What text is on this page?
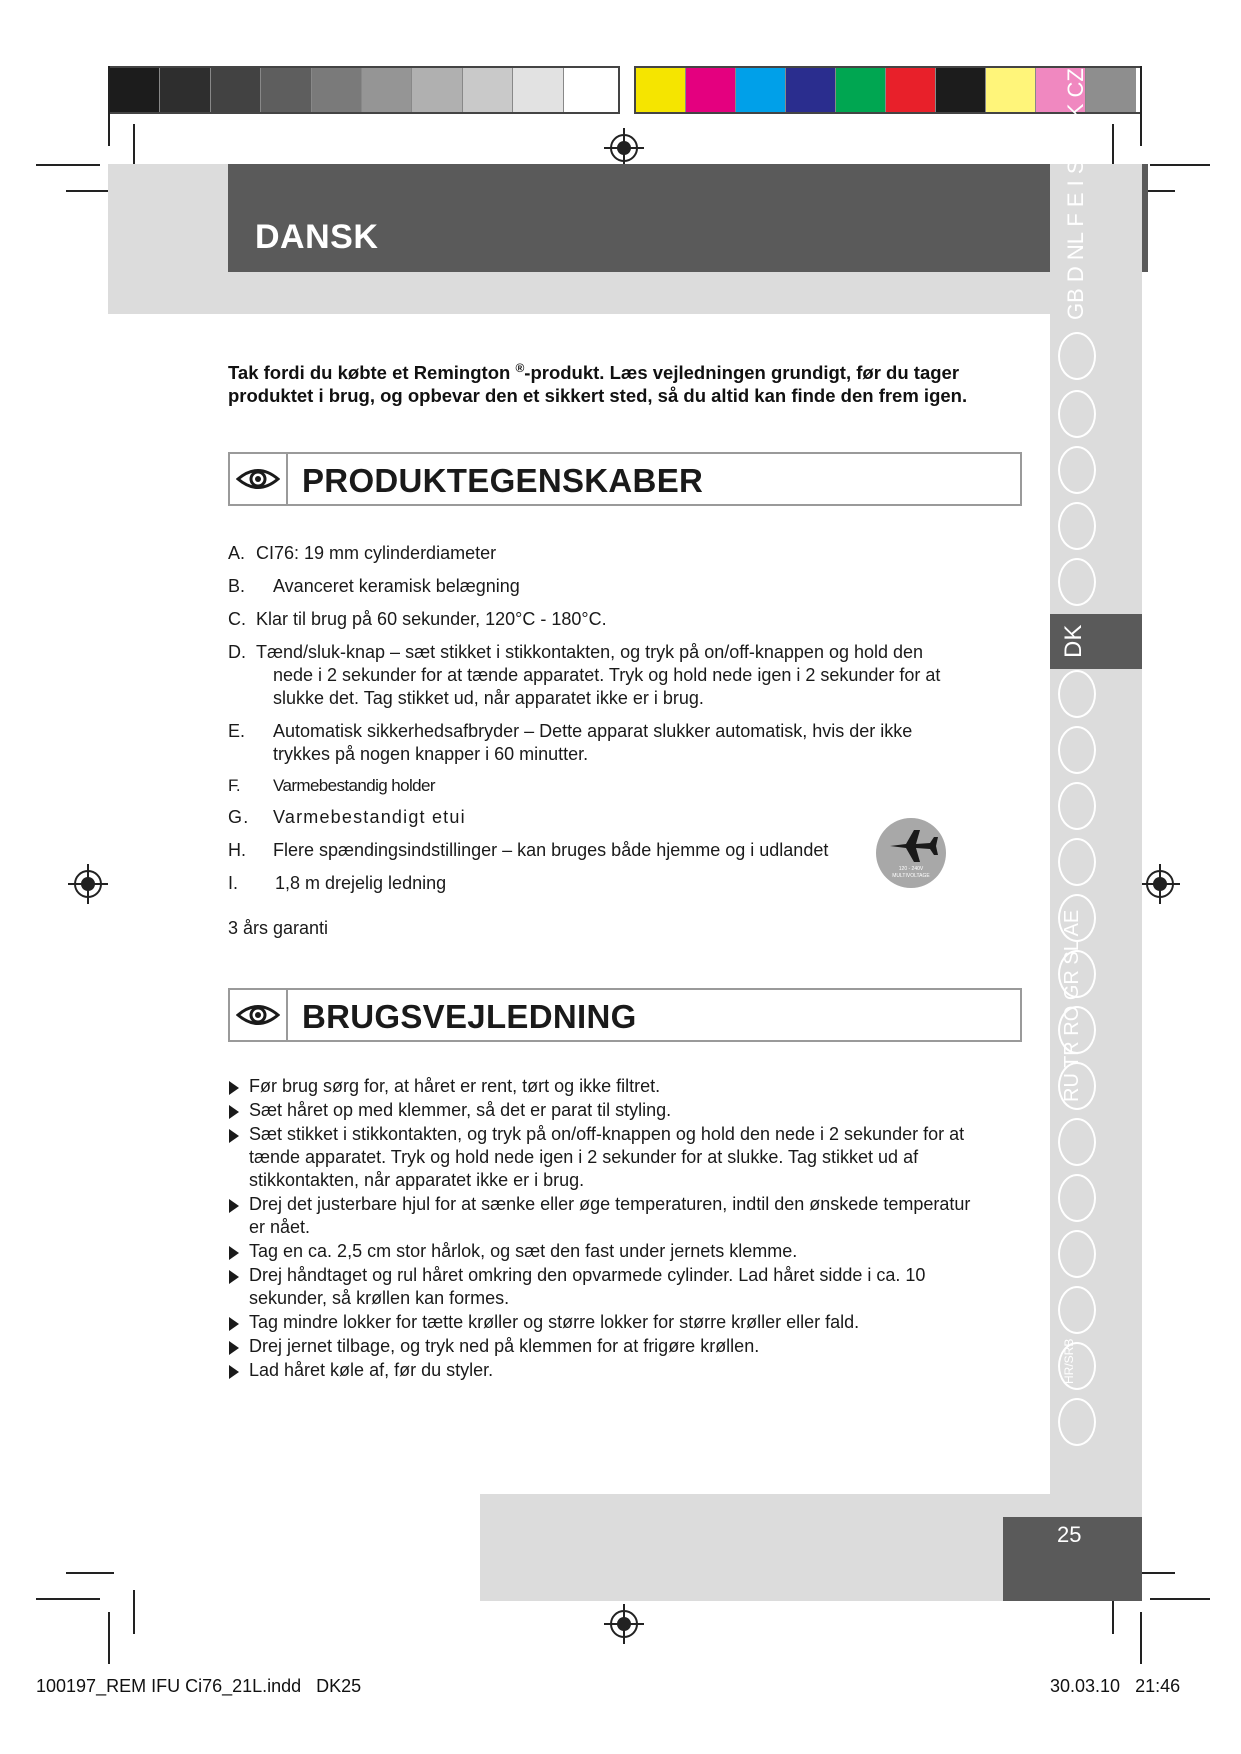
DANSK	GB D NL F E I S P SK CZ
DK
RU TR RO GR SL AE
HR/SRB
Tak fordi du købte et Remington ®-produkt. Læs vejledningen grundigt, før du tager produktet i brug, og opbevar den et sikkert sted, så du altid kan finde den frem igen.
PRODUKTEGENSKABER
A. CI76: 19 mm cylinderdiameter
B.	Avanceret keramisk belægning
C. Klar til brug på 60 sekunder, 120°C - 180°C.
D. Tænd/sluk-knap – sæt stikket i stikkontakten, og tryk på on/off-knappen og hold den nede i 2 sekunder for at tænde apparatet. Tryk og hold nede igen i 2 sekunder for at slukke det. Tag stikket ud, når apparatet ikke er i brug.
E.	Automatisk sikkerhedsafbryder – Dette apparat slukker automatisk, hvis der ikke trykkes på nogen knapper i 60 minutter.
F.	Varmebestandig holder
G.	Varmebestandigt etui
H.	Flere spændingsindstillinger – kan bruges både hjemme og i udlandet
I.	1,8 m drejelig ledning
120 - 240V
MULTIVOLTAGE
3 års garanti
BRUGSVEJLEDNING
Før brug sørg for, at håret er rent, tørt og ikke filtret.
Sæt håret op med klemmer, så det er parat til styling.
Sæt stikket i stikkontakten, og tryk på on/off-knappen og hold den nede i 2 sekunder for at tænde apparatet. Tryk og hold nede igen i 2 sekunder for at slukke. Tag stikket ud af stikkontakten, når apparatet ikke er i brug.
Drej det justerbare hjul for at sænke eller øge temperaturen, indtil den ønskede temperatur er nået.
Tag en ca. 2,5 cm stor hårlok, og sæt den fast under jernets klemme.
Drej håndtaget og rul håret omkring den opvarmede cylinder. Lad håret sidde i ca. 10 sekunder, så krøllen kan formes.
Tag mindre lokker for tætte krøller og større lokker for større krøller eller fald.
Drej jernet tilbage, og tryk ned på klemmen for at frigøre krøllen.
Lad håret køle af, før du styler.
25
100197_REM IFU Ci76_21L.indd   DK25	30.03.10   21:46
